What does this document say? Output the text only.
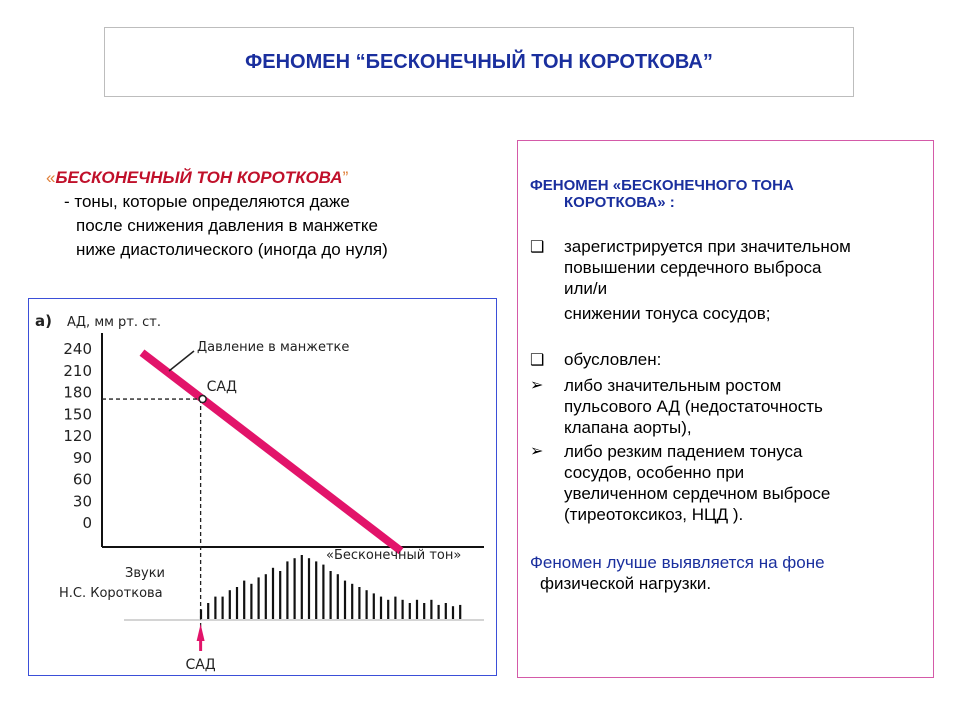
ФЕНОМЕН “БЕСКОНЕЧНЫЙ ТОН КОРОТКОВА”
«БЕСКОНЕЧНЫЙ ТОН КОРОТКОВА”
- тоны, которые определяются даже
после снижения давления в манжетке
ниже диастолического (иногда до нуля)
а) АД, мм рт. ст.
240
210
180
150
120
90
60
30
0
САД
Давление в манжетке
«Бесконечный тон»
Звуки
Н.С. Короткова
САД
ФЕНОМЕН «БЕСКОНЕЧНОГО ТОНА
КОРОТКОВА» :
❑ зарегистрируется при значительном
повышении сердечного выброса
или/и
снижении тонуса сосудов;
❑ обусловлен:
➢ либо значительным ростом
пульсового АД (недостаточность
клапана аорты),
➢ либо резким падением тонуса
сосудов, особенно при
увеличенном сердечном выбросе
(тиреотоксикоз, НЦД ).
Феномен лучше выявляется на фоне
физической нагрузки.
